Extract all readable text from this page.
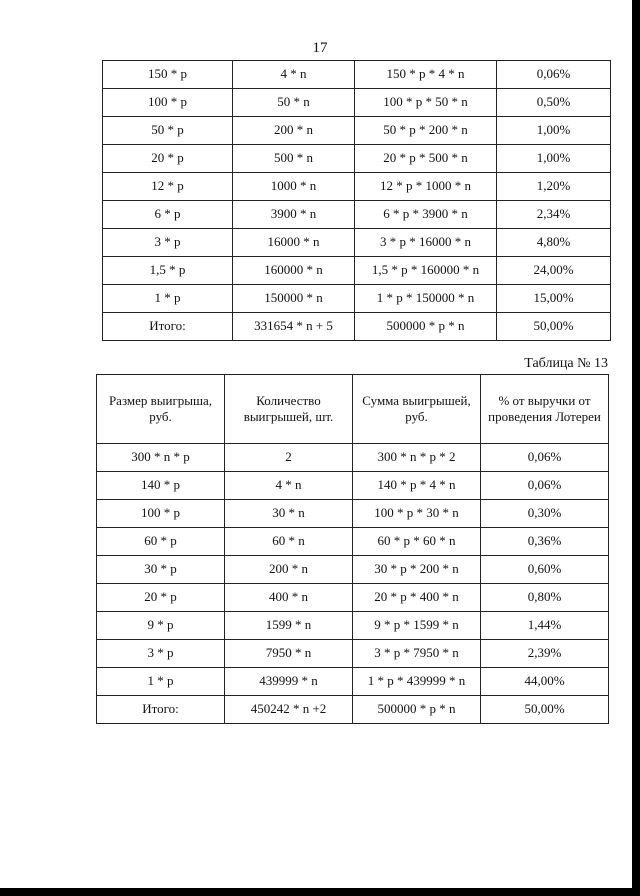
17
150 * p	4 * n	150 * p * 4 * n	0,06%
100 * p	50 * n	100 * p * 50 * n	0,50%
50 * p	200 * n	50 * p * 200 * n	1,00%
20 * p	500 * n	20 * p * 500 * n	1,00%
12 * p	1000 * n	12 * p * 1000 * n	1,20%
6 * p	3900 * n	6 * p * 3900 * n	2,34%
3 * p	16000 * n	3 * p * 16000 * n	4,80%
1,5 * p	160000 * n	1,5 * p * 160000 * n	24,00%
1 * p	150000 * n	1 * p * 150000 * n	15,00%
Итого:	331654 * n + 5	500000 * p * n	50,00%
Таблица № 13
Размер выигрыша, руб.	Количество выигрышей, шт.	Сумма выигрышей, руб.	% от выручки от проведения Лотереи
300 * n * p	2	300 * n * p * 2	0,06%
140 * p	4 * n	140 * p * 4 * n	0,06%
100 * p	30 * n	100 * p * 30 * n	0,30%
60 * p	60 * n	60 * p * 60 * n	0,36%
30 * p	200 * n	30 * p * 200 * n	0,60%
20 * p	400 * n	20 * p * 400 * n	0,80%
9 * p	1599 * n	9 * p * 1599 * n	1,44%
3 * p	7950 * n	3 * p * 7950 * n	2,39%
1 * p	439999 * n	1 * p * 439999 * n	44,00%
Итого:	450242 * n +2	500000 * p * n	50,00%
